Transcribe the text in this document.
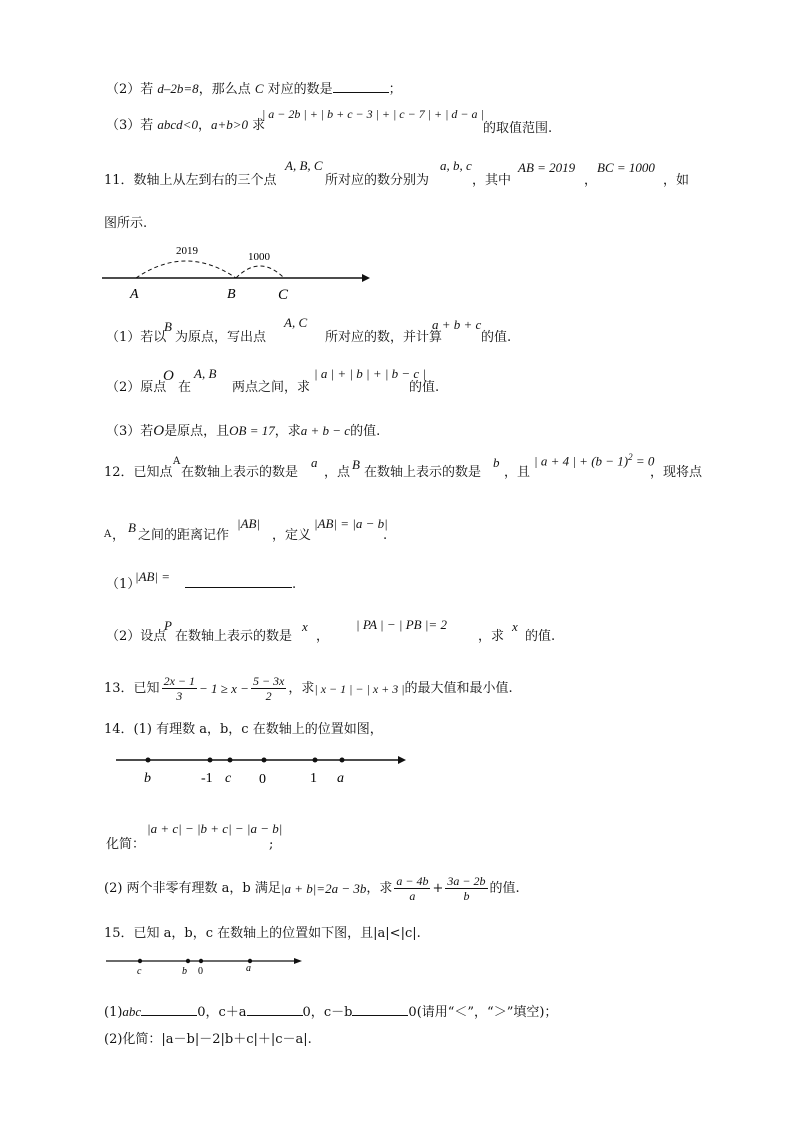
（2）若 d–2b=8，那么点 C 对应的数是	；
（3）若 abcd<0，a+b>0 求
| a − 2b | + | b + c − 3 | + | c − 7 | + | d − a |
的取值范围.
11．数轴上从左到右的三个点
A, B, C
所对应的数分别为
a, b, c
，其中
AB = 2019
，
BC = 1000
，如
图所示.
2019	1000
A	B	C
（1）若以
B
为原点，写出点
A, C
所对应的数，并计算
a + b + c
的值.
（2）原点
O
在
A, B
两点之间，求
| a | + | b | + | b − c |
的值.
（3）若O是原点，且OB = 17，求a + b − c的值.
12．已知点
A
在数轴上表示的数是
a
，点
B
在数轴上表示的数是
b
，且
| a + 4 | + $(b - 1)^2 = 0$
，现将点
A ，
B
之间的距离记作
|AB|
，定义
|AB| = |a − b|
.
（1）
|AB| =
.
（2）设点
P
在数轴上表示的数是
x
，
| PA | − | PB |= 2
，求
x
的值.
13． 已知 $\frac{2x - 1}{3} - 1 \ge x - \frac{5 - 3x}{2}$ ，求 | x − 1 | − | x + 3 | 的最大值和最小值.
14．(1) 有理数 a，b，c 在数轴上的位置如图，
b	-1 c 0	1 a
化简：
|a + c| − |b + c| − |a − b|
;
(2) 两个非零有理数 a，b 满足 |a + b|=2a − 3b ，求 $\frac{a - 4b}{a} + \frac{3a - 2b}{b}$ 的值.
15．已知 a，b，c 在数轴上的位置如下图，且|a|<|c|.
c	b 0	a
(1)abc	0，c＋a	0，c－b	0(请用“＜”，“＞”填空)；
(2)化简：|a－b|－2|b＋c|＋|c－a|.
